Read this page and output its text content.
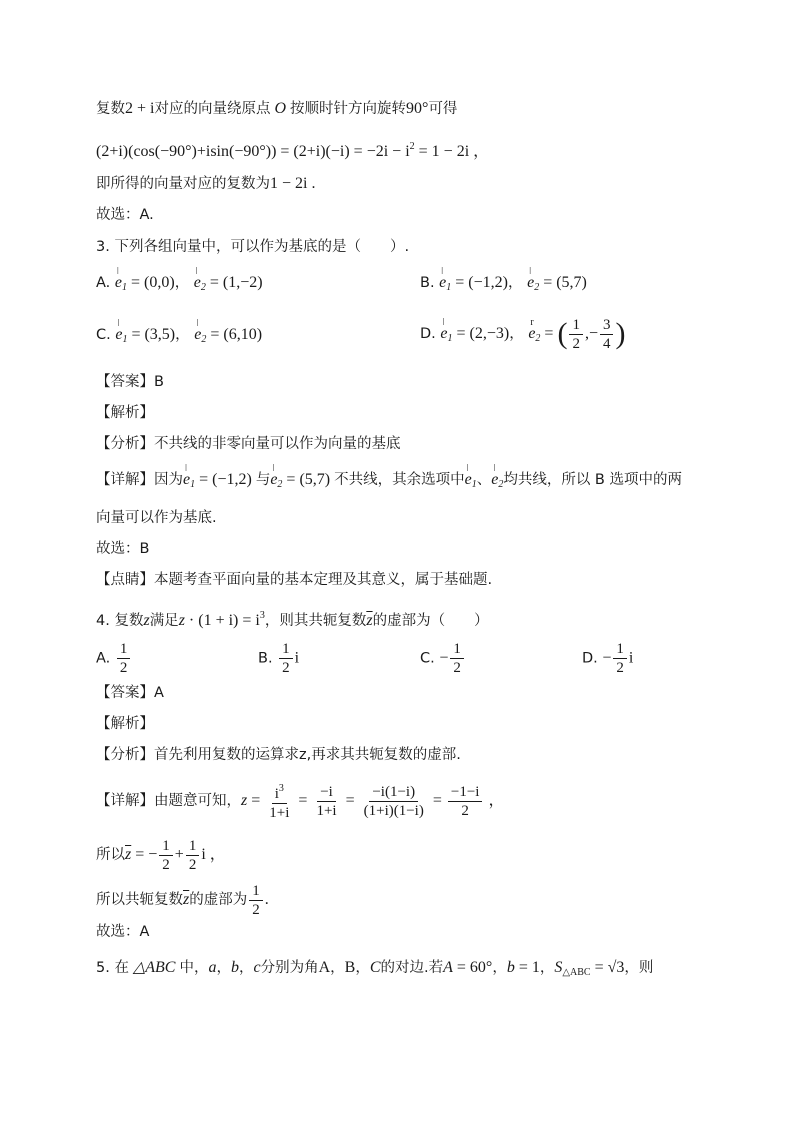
复数2 + i对应的向量绕原点 O 按顺时针方向旋转90°可得
$(2+i)(\cos(-90^\circ)+isin(-90^\circ)) = (2+i)(-i) = -2i - i^2 = 1 - 2i$ ，
即所得的向量对应的复数为1 − 2i .
故选：A.
3. 下列各组向量中，可以作为基底的是（　　）.
A.
ǀ
$e_1 = (0,0)$，
ǀ
$e_2 = (1,-2)$	B.
ǀ
$e_1 = (-1,2)$，
ǀ
$e_2 = (5,7)$
C.
ǀ
$e_1 = (3,5)$，
ǀ
$e_2 = (6,10)$	D.
ǀ
$e_1 = (2,-3)$，
r
$e_2$ = ( $\frac{1}{2}$ ,− $\frac{3}{4}$ )
【答案】B
【解析】
【分析】不共线的非零向量可以作为向量的基底
【详解】因为
ǀ
$e_1 = (-1,2)$ 与
ǀ
$e_2 = (5,7)$ 不共线，其余选项中
ǀ
$e_1$、
ǀ
$e_2$均共线，所以 B 选项中的两
向量可以作为基底.
故选：B
【点睛】本题考查平面向量的基本定理及其意义，属于基础题.
4. 复数z满足$z \cdot (1 + i) = i^3$，则其共轭复数$\overline{z}$的虚部为（　　）
A. $\frac{1}{2}$	B. $\frac{1}{2}$ i	C. − $\frac{1}{2}$	D. − $\frac{1}{2}$ i
【答案】A
【解析】
【分析】首先利用复数的运算求z,再求其共轭复数的虚部.
【详解】由题意可知，$z = \frac{i^3}{1+i} = \frac{-i}{1+i} = \frac{-i(1-i)}{(1+i)(1-i)} = \frac{-1-i}{2}$ ，
所以$\overline{z}$ = − $\frac{1}{2} + \frac{1}{2}$ i ，
所以共轭复数$\overline{z}$的虚部为 $\frac{1}{2}$ .
故选：A
5. 在 △ABC 中，a，b，c分别为角A，B，C的对边.若A = 60°，b = 1，$S_{\triangle ABC} = √3$，则
